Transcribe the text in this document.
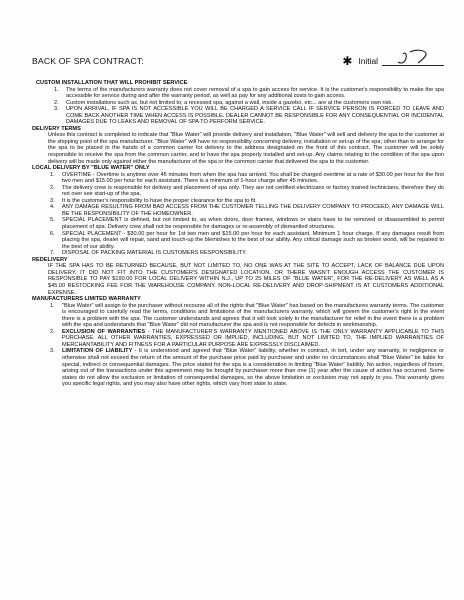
BACK OF SPA CONTRACT:	✱ Initial

CUSTOM INSTALLATION THAT WILL PROHIBIT SERVICE

1. The terms of the manufacturers warranty does not cover removal of a spa to gain access for service. It is the customer's responsibility to make the spa accessible for service during and after the warranty period, as well as pay for any additional costs to gain access.
2. Custom installations such as, but not limited to; a recessed spa, against a wall, inside a gazebo, etc... are at the customers own risk.
3. UPON ARRIVAL, IF SPA IS NOT ACCESSIBLE YOU WILL BE CHARGED A SERVICE CALL IF SERVICE PERSON IS FORCED TO LEAVE AND COME BACK ANOTHER TIME WHEN ACCESS IS POSSIBLE. DEALER CANNOT BE RESPONSIBLE FOR ANY CONSEQUENTIAL OR INCIDENTAL DAMAGES DUE TO LEAKS AND REMOVAL OF SPA TO PERFORM SERVICE.

DELIVERY TERMS

Unless this contract is completed to indicate that "Blue Water" will provide delivery and installation, "Blue Water" will sell and delivery the spa to the customer at the shipping point of the spa manufacturer. "Blue Water" will have no responsibility concerning delivery, installation or set-up of the spa; other than to arrange for the spa to be placed in the hands of a common carrier for delivery to the address designated on the front of this contract. The customer will be solely responsible to receive the spa from the common carrier, and to have the spa properly installed and set-up. Any claims relating to the condition of the spa upon delivery will be made only against either the manufacturer of the spa or the common carrier that delivered the spa to the customer.

LOCAL DELIVERY BY "BLUE WATER" ONLY

1. OVERTIME - Overtime is anytime over 45 minutes from when the spa has arrived. You shall be charged overtime at a rate of $30.00 per hour for the first two men and $15.00 per hour for each assistant. There is a minimum of 1-hour charge after 45 minutes.
2. The delivery crew is responsible for delivery and placement of spa only. They are not certified electricians or factory trained technicians, therefore they do not over see start-up of the spa.
3. It is the customer's responsibility to have the proper clearance for the spa to fit.
4. ANY DAMAGE RESULTING FROM BAD ACCESS FROM THE CUSTOMER TELLING THE DELIVERY COMPANY TO PROCEED, ANY DAMAGE WILL BE THE RESPONSIBILITY OF THE HOMEOWNER.
5. SPECIAL PLACEMENT is defined, but not limited to, as when doors, door frames, windows or stairs have to be removed or disassembled to permit placement of spa. Delivery crew shall not be responsible for damages or re-assembly of dismantled structures.
6. SPECIAL PLACEMENT - $30.00 per hour for 1st two men and $15.00 per hour for each assistant. Minimum 1 hour charge. If any damages result from placing the spa, dealer will repair, sand and touch-up the blemishes to the best of our ability. Any critical damage such as broken wood, will be repaired to the best of our ability.
7. DISPOSAL OF PACKING MATERIAL IS CUSTOMERS RESPONSIBILITY.

REDELIVERY

IF THE SPA HAS TO BE RETURNED BECAUSE, BUT NOT LIMITED TO, NO ONE WAS AT THE SITE TO ACCEPT, LACK OF BALANCE DUE UPON DELIVERY, IT DID NOT FIT INTO THE CUSTOMER'S DESIGNATED LOCATION, OR THERE WASN'T ENOUGH ACCESS THE CUSTOMER IS RESPONSIBLE TO PAY $190.00 FOR LOCAL DELIVERY WITHIN N.J., UP TO 25 MILES OF "BLUE WATER", FOR THE RE-DELIVERY AS WELL AS A $45.00 RESTOCKING FEE FOR THE WAREHOUSE COMPANY. NON-LOCAL RE-DELIVERY AND DROP-SHIPMENT IS AT CUSTOMERS ADDITIONAL EXPENSE.

MANUFACTURERS LIMITED WARRANTY

1. "Blue Water" will assign to the purchaser without recourse all of the rights that "Blue Water" has based on the manufactures warranty terms. The customer is encouraged to carefully read the terms, conditions and limitations of the manufacturers warranty, which will govern the customer's right in the event there is a problem with the spa. The customer understands and agrees that it will look solely to the manufacturer for relief in the event there is a problem with the spa and understands that "Blue Water" did not manufacturer the spa and is not responsible for defects in workmanship.
2. EXCLUSION OF WARRANTIES - THE MANUFACTURER'S WARRANTY MENTIONED ABOVE IS THE ONLY WARRANTY APPLICABLE TO THIS PURCHASE. ALL OTHER WARRANTIES, EXPRESSED OR IMPLIED, INCLUDING, BUT NOT LIMITED TO, THE IMPLIED WARRANTIES OF MERCHANTABILITY AND FITNESS FOR A PARTICULAR PURPOSE ARE EXPRESSLY DISCLAIMED.
3. LIMITATION OF LIABILITY - It is understood and agreed that "Blue Water" liability, whether in contract, in tort, under any warranty, in negligence or otherwise shall not exceed the return of the amount of the purchase price paid by purchaser and under no circumstances shall "Blue Water" be liable for special, indirect or consequential damages. The price stated for the spa is a consideration in limiting "Blue Water" liability. No action, regardless of forum, arising out of the transactions under this agreement may be brought by purchaser more than one (1) year after the cause of action has occurred. Some states do not allow the exclusion or limitation of consequential damages, so the above limitation or exclusion may not apply to you. This warranty gives you specific legal rights, and you may also have other rights, which vary from state to state.
